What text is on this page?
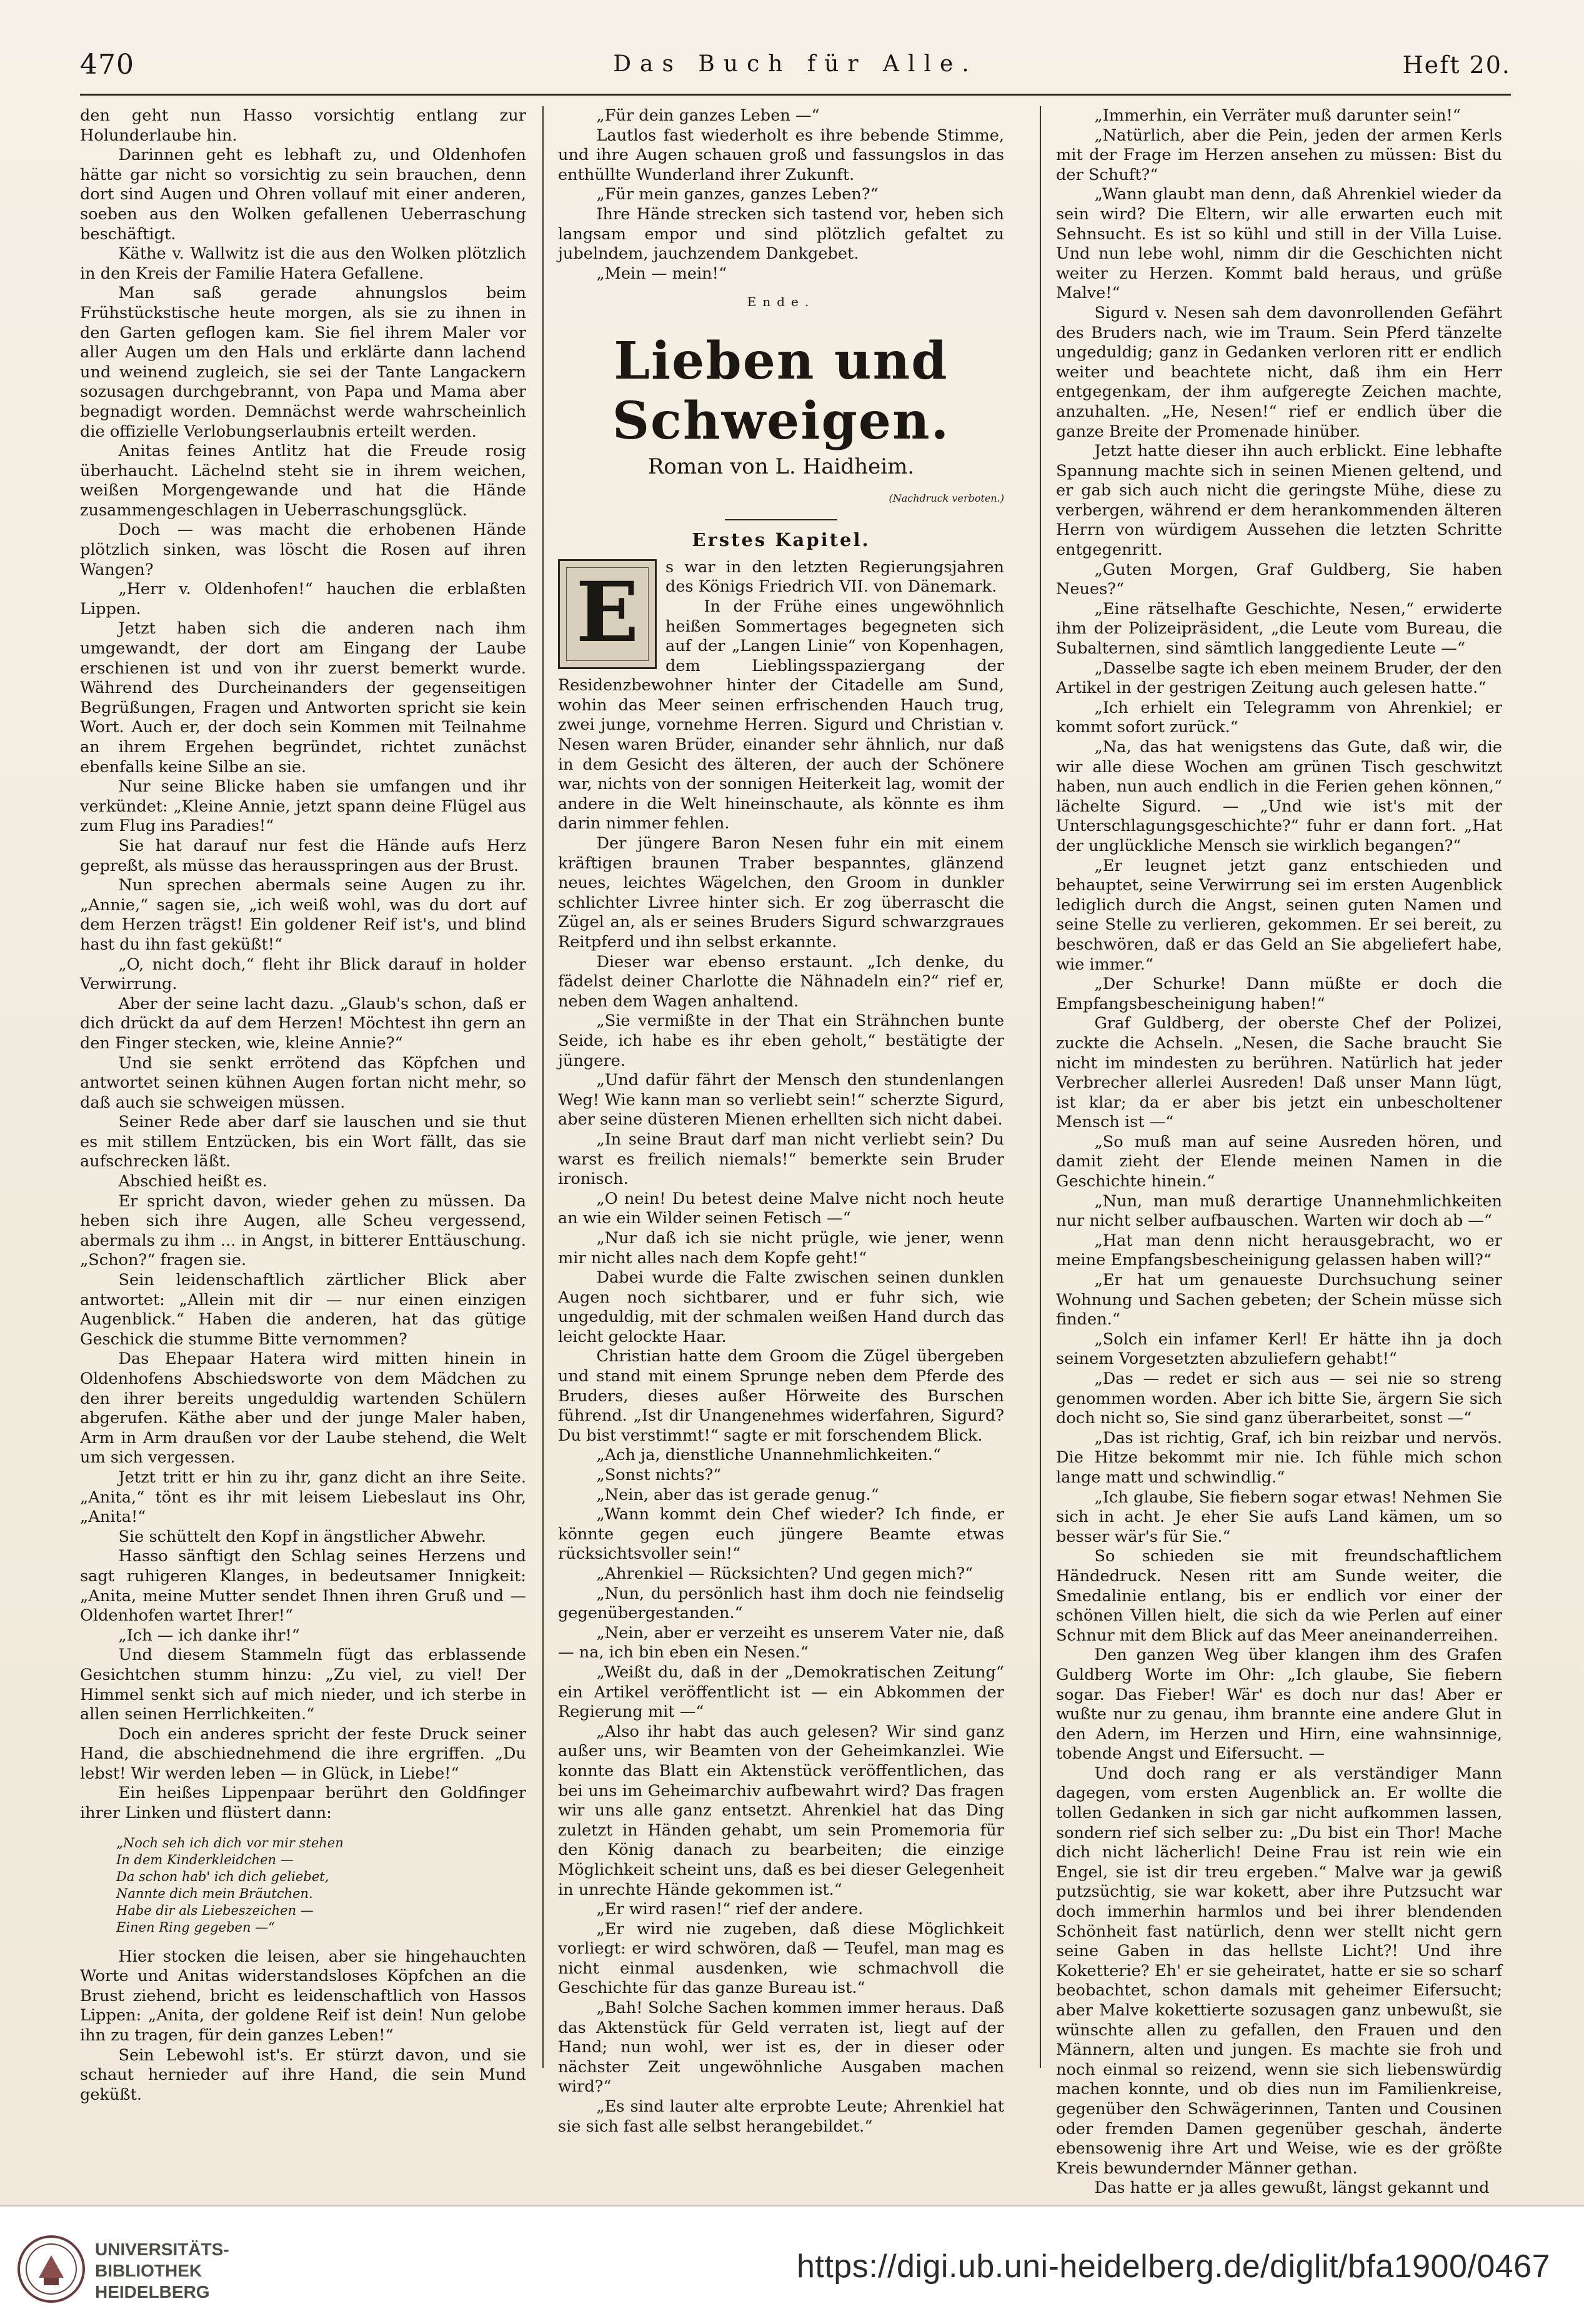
470	Das Buch für Alle.	Heft 20.

den geht nun Hasso vorsichtig entlang zur Holunderlaube hin.

Darinnen geht es lebhaft zu, und Oldenhofen hätte gar nicht so vorsichtig zu sein brauchen, denn dort sind Augen und Ohren vollauf mit einer anderen, soeben aus den Wolken gefallenen Ueberraschung beschäftigt.

Käthe v. Wallwitz ist die aus den Wolken plötzlich in den Kreis der Familie Hatera Gefallene.

Man saß gerade ahnungslos beim Frühstückstische heute morgen, als sie zu ihnen in den Garten geflogen kam. Sie fiel ihrem Maler vor aller Augen um den Hals und erklärte dann lachend und weinend zugleich, sie sei der Tante Langackern sozusagen durchgebrannt, von Papa und Mama aber begnadigt worden. Demnächst werde wahrscheinlich die offizielle Verlobungserlaubnis erteilt werden.

Anitas feines Antlitz hat die Freude rosig überhaucht. Lächelnd steht sie in ihrem weichen, weißen Morgengewande und hat die Hände zusammengeschlagen in Ueberraschungsglück.

Doch — was macht die erhobenen Hände plötzlich sinken, was löscht die Rosen auf ihren Wangen?

„Herr v. Oldenhofen!“ hauchen die erblaßten Lippen.

Jetzt haben sich die anderen nach ihm umgewandt, der dort am Eingang der Laube erschienen ist und von ihr zuerst bemerkt wurde. Während des Durcheinanders der gegenseitigen Begrüßungen, Fragen und Antworten spricht sie kein Wort. Auch er, der doch sein Kommen mit Teilnahme an ihrem Ergehen begründet, richtet zunächst ebenfalls keine Silbe an sie.

Nur seine Blicke haben sie umfangen und ihr verkündet: „Kleine Annie, jetzt spann deine Flügel aus zum Flug ins Paradies!“

Sie hat darauf nur fest die Hände aufs Herz gepreßt, als müsse das herausspringen aus der Brust.

Nun sprechen abermals seine Augen zu ihr. „Annie,“ sagen sie, „ich weiß wohl, was du dort auf dem Herzen trägst! Ein goldener Reif ist's, und blind hast du ihn fast geküßt!“

„O, nicht doch,“ fleht ihr Blick darauf in holder Verwirrung.

Aber der seine lacht dazu. „Glaub's schon, daß er dich drückt da auf dem Herzen! Möchtest ihn gern an den Finger stecken, wie, kleine Annie?“

Und sie senkt errötend das Köpfchen und antwortet seinen kühnen Augen fortan nicht mehr, so daß auch sie schweigen müssen.

Seiner Rede aber darf sie lauschen und sie thut es mit stillem Entzücken, bis ein Wort fällt, das sie aufschrecken läßt.

Abschied heißt es.

Er spricht davon, wieder gehen zu müssen. Da heben sich ihre Augen, alle Scheu vergessend, abermals zu ihm ... in Angst, in bitterer Enttäuschung. „Schon?“ fragen sie.

Sein leidenschaftlich zärtlicher Blick aber antwortet: „Allein mit dir — nur einen einzigen Augenblick.“ Haben die anderen, hat das gütige Geschick die stumme Bitte vernommen?

Das Ehepaar Hatera wird mitten hinein in Oldenhofens Abschiedsworte von dem Mädchen zu den ihrer bereits ungeduldig wartenden Schülern abgerufen. Käthe aber und der junge Maler haben, Arm in Arm draußen vor der Laube stehend, die Welt um sich vergessen.

Jetzt tritt er hin zu ihr, ganz dicht an ihre Seite. „Anita,“ tönt es ihr mit leisem Liebeslaut ins Ohr, „Anita!“

Sie schüttelt den Kopf in ängstlicher Abwehr.

Hasso sänftigt den Schlag seines Herzens und sagt ruhigeren Klanges, in bedeutsamer Innigkeit: „Anita, meine Mutter sendet Ihnen ihren Gruß und — Oldenhofen wartet Ihrer!“

„Ich — ich danke ihr!“

Und diesem Stammeln fügt das erblassende Gesichtchen stumm hinzu: „Zu viel, zu viel! Der Himmel senkt sich auf mich nieder, und ich sterbe in allen seinen Herrlichkeiten.“

Doch ein anderes spricht der feste Druck seiner Hand, die abschiednehmend die ihre ergriffen. „Du lebst! Wir werden leben — in Glück, in Liebe!“

Ein heißes Lippenpaar berührt den Goldfinger ihrer Linken und flüstert dann:

„Noch seh ich dich vor mir stehen
In dem Kinderkleidchen —
Da schon hab' ich dich geliebet,
Nannte dich mein Bräutchen.
Habe dir als Liebeszeichen —
Einen Ring gegeben —“

Hier stocken die leisen, aber sie hingehauchten Worte und Anitas widerstandsloses Köpfchen an die Brust ziehend, bricht es leidenschaftlich von Hassos Lippen: „Anita, der goldene Reif ist dein! Nun gelobe ihn zu tragen, für dein ganzes Leben!“

Sein Lebewohl ist's. Er stürzt davon, und sie schaut hernieder auf ihre Hand, die sein Mund geküßt.

„Für dein ganzes Leben —“

Lautlos fast wiederholt es ihre bebende Stimme, und ihre Augen schauen groß und fassungslos in das enthüllte Wunderland ihrer Zukunft.

„Für mein ganzes, ganzes Leben?“

Ihre Hände strecken sich tastend vor, heben sich langsam empor und sind plötzlich gefaltet zu jubelndem, jauchzendem Dankgebet.

„Mein — mein!“

Ende.
Lieben und Schweigen.
Roman von L. Haidheim.
(Nachdruck verboten.)
Erstes Kapitel.
E	s war in den letzten Regierungsjahren des Königs Friedrich VII. von Dänemark.

In der Frühe eines ungewöhnlich heißen Sommertages begegneten sich auf der „Langen Linie“ von Kopenhagen, dem Lieblingsspaziergang der Residenzbewohner hinter der Citadelle am Sund, wohin das Meer seinen erfrischenden Hauch trug, zwei junge, vornehme Herren. Sigurd und Christian v. Nesen waren Brüder, einander sehr ähnlich, nur daß in dem Gesicht des älteren, der auch der Schönere war, nichts von der sonnigen Heiterkeit lag, womit der andere in die Welt hineinschaute, als könnte es ihm darin nimmer fehlen.

Der jüngere Baron Nesen fuhr ein mit einem kräftigen braunen Traber bespanntes, glänzend neues, leichtes Wägelchen, den Groom in dunkler schlichter Livree hinter sich. Er zog überrascht die Zügel an, als er seines Bruders Sigurd schwarzgraues Reitpferd und ihn selbst erkannte.

Dieser war ebenso erstaunt. „Ich denke, du fädelst deiner Charlotte die Nähnadeln ein?“ rief er, neben dem Wagen anhaltend.

„Sie vermißte in der That ein Strähnchen bunte Seide, ich habe es ihr eben geholt,“ bestätigte der jüngere.

„Und dafür fährt der Mensch den stundenlangen Weg! Wie kann man so verliebt sein!“ scherzte Sigurd, aber seine düsteren Mienen erhellten sich nicht dabei.

„In seine Braut darf man nicht verliebt sein? Du warst es freilich niemals!“ bemerkte sein Bruder ironisch.

„O nein! Du betest deine Malve nicht noch heute an wie ein Wilder seinen Fetisch —“

„Nur daß ich sie nicht prügle, wie jener, wenn mir nicht alles nach dem Kopfe geht!“

Dabei wurde die Falte zwischen seinen dunklen Augen noch sichtbarer, und er fuhr sich, wie ungeduldig, mit der schmalen weißen Hand durch das leicht gelockte Haar.

Christian hatte dem Groom die Zügel übergeben und stand mit einem Sprunge neben dem Pferde des Bruders, dieses außer Hörweite des Burschen führend. „Ist dir Unangenehmes widerfahren, Sigurd? Du bist verstimmt!“ sagte er mit forschendem Blick.

„Ach ja, dienstliche Unannehmlichkeiten.“

„Sonst nichts?“

„Nein, aber das ist gerade genug.“

„Wann kommt dein Chef wieder? Ich finde, er könnte gegen euch jüngere Beamte etwas rücksichtsvoller sein!“

„Ahrenkiel — Rücksichten? Und gegen mich?“

„Nun, du persönlich hast ihm doch nie feindselig gegenübergestanden.“

„Nein, aber er verzeiht es unserem Vater nie, daß — na, ich bin eben ein Nesen.“

„Weißt du, daß in der „Demokratischen Zeitung“ ein Artikel veröffentlicht ist — ein Abkommen der Regierung mit —“

„Also ihr habt das auch gelesen? Wir sind ganz außer uns, wir Beamten von der Geheimkanzlei. Wie konnte das Blatt ein Aktenstück veröffentlichen, das bei uns im Geheimarchiv aufbewahrt wird? Das fragen wir uns alle ganz entsetzt. Ahrenkiel hat das Ding zuletzt in Händen gehabt, um sein Promemoria für den König danach zu bearbeiten; die einzige Möglichkeit scheint uns, daß es bei dieser Gelegenheit in unrechte Hände gekommen ist.“

„Er wird rasen!“ rief der andere.

„Er wird nie zugeben, daß diese Möglichkeit vorliegt: er wird schwören, daß — Teufel, man mag es nicht einmal ausdenken, wie schmachvoll die Geschichte für das ganze Bureau ist.“

„Bah! Solche Sachen kommen immer heraus. Daß das Aktenstück für Geld verraten ist, liegt auf der Hand; nun wohl, wer ist es, der in dieser oder nächster Zeit ungewöhnliche Ausgaben machen wird?“

„Es sind lauter alte erprobte Leute; Ahrenkiel hat sie sich fast alle selbst herangebildet.“

„Immerhin, ein Verräter muß darunter sein!“

„Natürlich, aber die Pein, jeden der armen Kerls mit der Frage im Herzen ansehen zu müssen: Bist du der Schuft?“

„Wann glaubt man denn, daß Ahrenkiel wieder da sein wird? Die Eltern, wir alle erwarten euch mit Sehnsucht. Es ist so kühl und still in der Villa Luise. Und nun lebe wohl, nimm dir die Geschichten nicht weiter zu Herzen. Kommt bald heraus, und grüße Malve!“

Sigurd v. Nesen sah dem davonrollenden Gefährt des Bruders nach, wie im Traum. Sein Pferd tänzelte ungeduldig; ganz in Gedanken verloren ritt er endlich weiter und beachtete nicht, daß ihm ein Herr entgegenkam, der ihm aufgeregte Zeichen machte, anzuhalten. „He, Nesen!“ rief er endlich über die ganze Breite der Promenade hinüber.

Jetzt hatte dieser ihn auch erblickt. Eine lebhafte Spannung machte sich in seinen Mienen geltend, und er gab sich auch nicht die geringste Mühe, diese zu verbergen, während er dem herankommenden älteren Herrn von würdigem Aussehen die letzten Schritte entgegenritt.

„Guten Morgen, Graf Guldberg, Sie haben Neues?“

„Eine rätselhafte Geschichte, Nesen,“ erwiderte ihm der Polizeipräsident, „die Leute vom Bureau, die Subalternen, sind sämtlich langgediente Leute —“

„Dasselbe sagte ich eben meinem Bruder, der den Artikel in der gestrigen Zeitung auch gelesen hatte.“

„Ich erhielt ein Telegramm von Ahrenkiel; er kommt sofort zurück.“

„Na, das hat wenigstens das Gute, daß wir, die wir alle diese Wochen am grünen Tisch geschwitzt haben, nun auch endlich in die Ferien gehen können,“ lächelte Sigurd. — „Und wie ist's mit der Unterschlagungsgeschichte?“ fuhr er dann fort. „Hat der unglückliche Mensch sie wirklich begangen?“

„Er leugnet jetzt ganz entschieden und behauptet, seine Verwirrung sei im ersten Augenblick lediglich durch die Angst, seinen guten Namen und seine Stelle zu verlieren, gekommen. Er sei bereit, zu beschwören, daß er das Geld an Sie abgeliefert habe, wie immer.“

„Der Schurke! Dann müßte er doch die Empfangsbescheinigung haben!“

Graf Guldberg, der oberste Chef der Polizei, zuckte die Achseln. „Nesen, die Sache braucht Sie nicht im mindesten zu berühren. Natürlich hat jeder Verbrecher allerlei Ausreden! Daß unser Mann lügt, ist klar; da er aber bis jetzt ein unbescholtener Mensch ist —“

„So muß man auf seine Ausreden hören, und damit zieht der Elende meinen Namen in die Geschichte hinein.“

„Nun, man muß derartige Unannehmlichkeiten nur nicht selber aufbauschen. Warten wir doch ab —“

„Hat man denn nicht herausgebracht, wo er meine Empfangsbescheinigung gelassen haben will?“

„Er hat um genaueste Durchsuchung seiner Wohnung und Sachen gebeten; der Schein müsse sich finden.“

„Solch ein infamer Kerl! Er hätte ihn ja doch seinem Vorgesetzten abzuliefern gehabt!“

„Das — redet er sich aus — sei nie so streng genommen worden. Aber ich bitte Sie, ärgern Sie sich doch nicht so, Sie sind ganz überarbeitet, sonst —“

„Das ist richtig, Graf, ich bin reizbar und nervös. Die Hitze bekommt mir nie. Ich fühle mich schon lange matt und schwindlig.“

„Ich glaube, Sie fiebern sogar etwas! Nehmen Sie sich in acht. Je eher Sie aufs Land kämen, um so besser wär's für Sie.“

So schieden sie mit freundschaftlichem Händedruck. Nesen ritt am Sunde weiter, die Smedalinie entlang, bis er endlich vor einer der schönen Villen hielt, die sich da wie Perlen auf einer Schnur mit dem Blick auf das Meer aneinanderreihen.

Den ganzen Weg über klangen ihm des Grafen Guldberg Worte im Ohr: „Ich glaube, Sie fiebern sogar. Das Fieber! Wär' es doch nur das! Aber er wußte nur zu genau, ihm brannte eine andere Glut in den Adern, im Herzen und Hirn, eine wahnsinnige, tobende Angst und Eifersucht. —

Und doch rang er als verständiger Mann dagegen, vom ersten Augenblick an. Er wollte die tollen Gedanken in sich gar nicht aufkommen lassen, sondern rief sich selber zu: „Du bist ein Thor! Mache dich nicht lächerlich! Deine Frau ist rein wie ein Engel, sie ist dir treu ergeben.“ Malve war ja gewiß putzsüchtig, sie war kokett, aber ihre Putzsucht war doch immerhin harmlos und bei ihrer blendenden Schönheit fast natürlich, denn wer stellt nicht gern seine Gaben in das hellste Licht?! Und ihre Koketterie? Eh' er sie geheiratet, hatte er sie so scharf beobachtet, schon damals mit geheimer Eifersucht; aber Malve kokettierte sozusagen ganz unbewußt, sie wünschte allen zu gefallen, den Frauen und den Männern, alten und jungen. Es machte sie froh und noch einmal so reizend, wenn sie sich liebenswürdig machen konnte, und ob dies nun im Familienkreise, gegenüber den Schwägerinnen, Tanten und Cousinen oder fremden Damen gegenüber geschah, änderte ebensowenig ihre Art und Weise, wie es der größte Kreis bewundernder Männer gethan.

Das hatte er ja alles gewußt, längst gekannt und

UNIVERSITÄTS-
BIBLIOTHEK
HEIDELBERG
https://digi.ub.uni-heidelberg.de/diglit/bfa1900/0467
